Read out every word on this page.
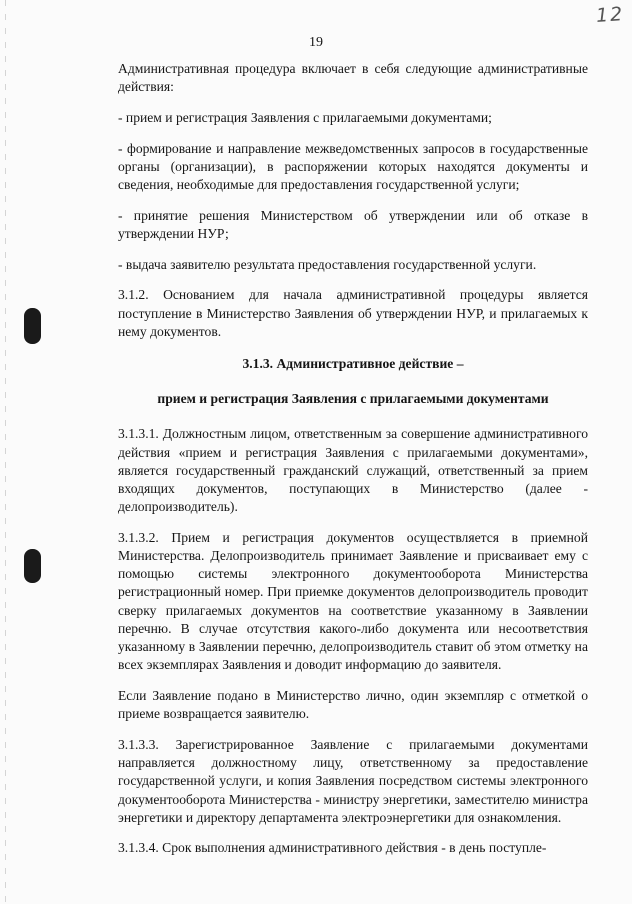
12
19

Административная процедура включает в себя следующие административные действия:

- прием и регистрация Заявления с прилагаемыми документами;

- формирование и направление межведомственных запросов в государственные органы (организации), в распоряжении которых находятся документы и сведения, необходимые для предоставления государственной услуги;

- принятие решения Министерством об утверждении или об отказе в утверждении НУР;

- выдача заявителю результата предоставления государственной услуги.

3.1.2. Основанием для начала административной процедуры является поступление в Министерство Заявления об утверждении НУР, и прилагаемых к нему документов.

3.1.3. Административное действие –

прием и регистрация Заявления с прилагаемыми документами

3.1.3.1. Должностным лицом, ответственным за совершение административного действия «прием и регистрация Заявления с прилагаемыми документами», является государственный гражданский служащий, ответственный за прием входящих документов, поступающих в Министерство (далее - делопроизводитель).

3.1.3.2. Прием и регистрация документов осуществляется в приемной Министерства. Делопроизводитель принимает Заявление и присваивает ему с помощью системы электронного документооборота Министерства регистрационный номер. При приемке документов делопроизводитель проводит сверку прилагаемых документов на соответствие указанному в Заявлении перечню. В случае отсутствия какого-либо документа или несоответствия указанному в Заявлении перечню, делопроизводитель ставит об этом отметку на всех экземплярах Заявления и доводит информацию до заявителя.

Если Заявление подано в Министерство лично, один экземпляр с отметкой о приеме возвращается заявителю.

3.1.3.3. Зарегистрированное Заявление с прилагаемыми документами направляется должностному лицу, ответственному за предоставление государственной услуги, и копия Заявления посредством системы электронного документооборота Министерства - министру энергетики, заместителю министра энергетики и директору департамента электроэнергетики для ознакомления.

3.1.3.4. Срок выполнения административного действия - в день поступле-
